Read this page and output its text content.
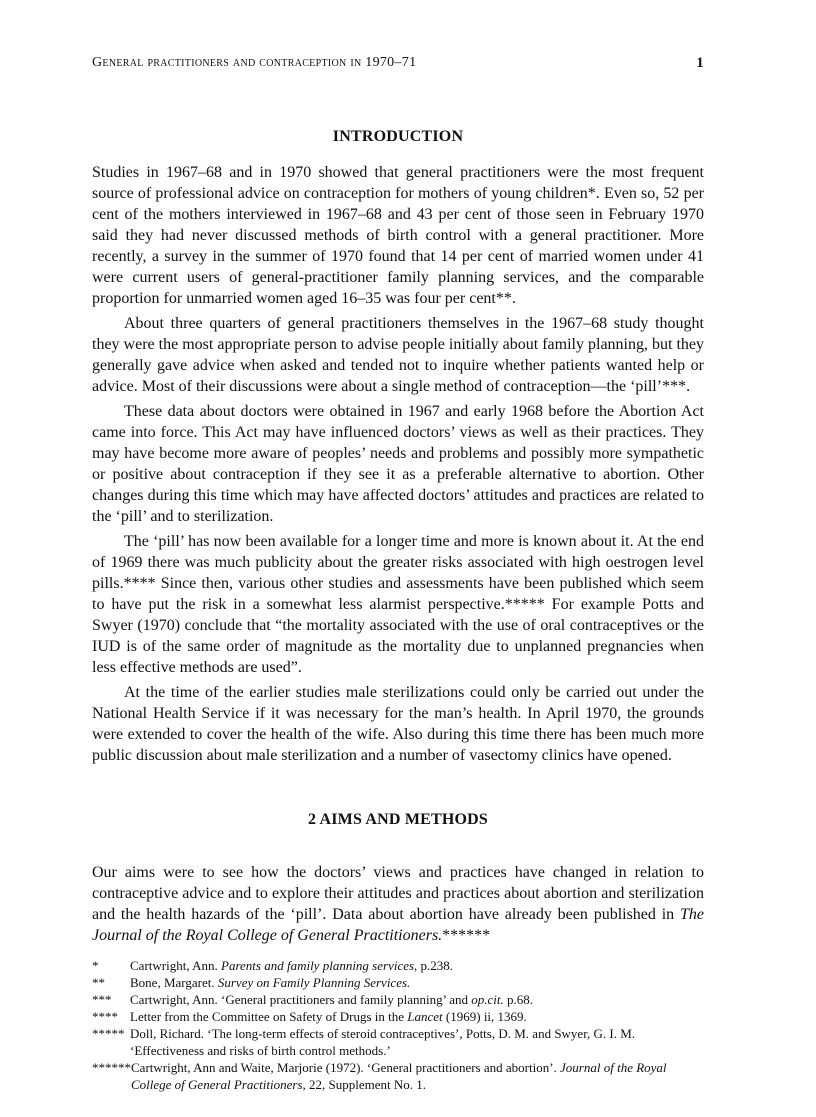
General practitioners and contraception in 1970–71	1
INTRODUCTION

Studies in 1967–68 and in 1970 showed that general practitioners were the most frequent source of professional advice on contraception for mothers of young children*. Even so, 52 per cent of the mothers interviewed in 1967–68 and 43 per cent of those seen in February 1970 said they had never discussed methods of birth control with a general practitioner. More recently, a survey in the summer of 1970 found that 14 per cent of married women under 41 were current users of general-practitioner family planning services, and the comparable proportion for unmarried women aged 16–35 was four per cent**.

About three quarters of general practitioners themselves in the 1967–68 study thought they were the most appropriate person to advise people initially about family planning, but they generally gave advice when asked and tended not to inquire whether patients wanted help or advice. Most of their discussions were about a single method of contraception—the ‘pill’***.

These data about doctors were obtained in 1967 and early 1968 before the Abortion Act came into force. This Act may have influenced doctors’ views as well as their practices. They may have become more aware of peoples’ needs and problems and possibly more sympathetic or positive about contraception if they see it as a preferable alternative to abortion. Other changes during this time which may have affected doctors’ attitudes and practices are related to the ‘pill’ and to sterilization.

The ‘pill’ has now been available for a longer time and more is known about it. At the end of 1969 there was much publicity about the greater risks associated with high oestrogen level pills.**** Since then, various other studies and assessments have been published which seem to have put the risk in a somewhat less alarmist perspective.***** For example Potts and Swyer (1970) conclude that “the mortality associated with the use of oral contraceptives or the IUD is of the same order of magnitude as the mortality due to unplanned pregnancies when less effective methods are used”.

At the time of the earlier studies male sterilizations could only be carried out under the National Health Service if it was necessary for the man’s health. In April 1970, the grounds were extended to cover the health of the wife. Also during this time there has been much more public discussion about male sterilization and a number of vasectomy clinics have opened.

2 AIMS AND METHODS

Our aims were to see how the doctors’ views and practices have changed in relation to contraceptive advice and to explore their attitudes and practices about abortion and sterilization and the health hazards of the ‘pill’. Data about abortion have already been published in The Journal of the Royal College of General Practitioners.******

*	Cartwright, Ann. Parents and family planning services, p.238.
**	Bone, Margaret. Survey on Family Planning Services.
***	Cartwright, Ann. ‘General practitioners and family planning’ and op.cit. p.68.
**** Letter from the Committee on Safety of Drugs in the Lancet (1969) ii, 1369.
***** Doll, Richard. ‘The long-term effects of steroid contraceptives’, Potts, D. M. and Swyer, G. I. M. ‘Effectiveness and risks of birth control methods.’
****** Cartwright, Ann and Waite, Marjorie (1972). ‘General practitioners and abortion’. Journal of the Royal College of General Practitioners, 22, Supplement No. 1.
